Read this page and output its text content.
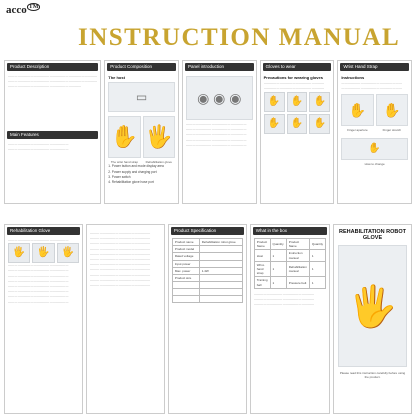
acco ™
INSTRUCTION MANUAL
Product Description

…………………………………………………………………………

…………………………………………………………………………

……………………………………………………………

Main Features

…………………………………………………

…………………………………………………

Product Composition
The host
▭
✋ 🖐
The wrist hand strap	Rehabilitation glove

1. Power button and mode display area

2. Power supply and charging port

3. Power switch

4. Rehabilitation glove hose port

Panel introduction
◉ ◉ ◉

…………………………………………………

…………………………………………………

…………………………………………………

…………………………………………………

…………………………………………………

Gloves to wear
Precautions for wearing gloves

…………………………………………………

…………………………………………………

✋	✋	✋
✋	✋	✋
Wrist Hand Strap
Instructions

…………………………………………………

…………………………………………………

✋	✋
Finger aperture	Finger stretch
✋
How to change
Rehabilitation Glove

…………………………………………………

🖐	🖐	🖐

…………………………………………………

…………………………………………………

…………………………………………………

…………………………………………………

…………………………………………………

…………………………………………………

…………………………………………………

…………………………………………………

…………………………………………………

…………………………………………………

…………………………………………………

…………………………………………………

…………………………………………………

…………………………………………………

…………………………………………………

…………………………………………………

…………………………………………………

…………………………………………………

…………………………………………………

Product Specification
Product name	Rehabilitation robot glove
Product model	
Rated voltage	
Input power	
Max. power	1.4W
Product size	

What in the box
Product Name	Quantity	Product Name	Quantity
Host	1	Instruction manual	1
Wrist-hand strap	1	Rehabilitation manual	1
Training ball	1	Pressure belt	1

…………………………………………………

…………………………………………………

…………………………………………………

REHABILITATION ROBOT GLOVE
🖐
Please read this instruction carefully before using the product.
